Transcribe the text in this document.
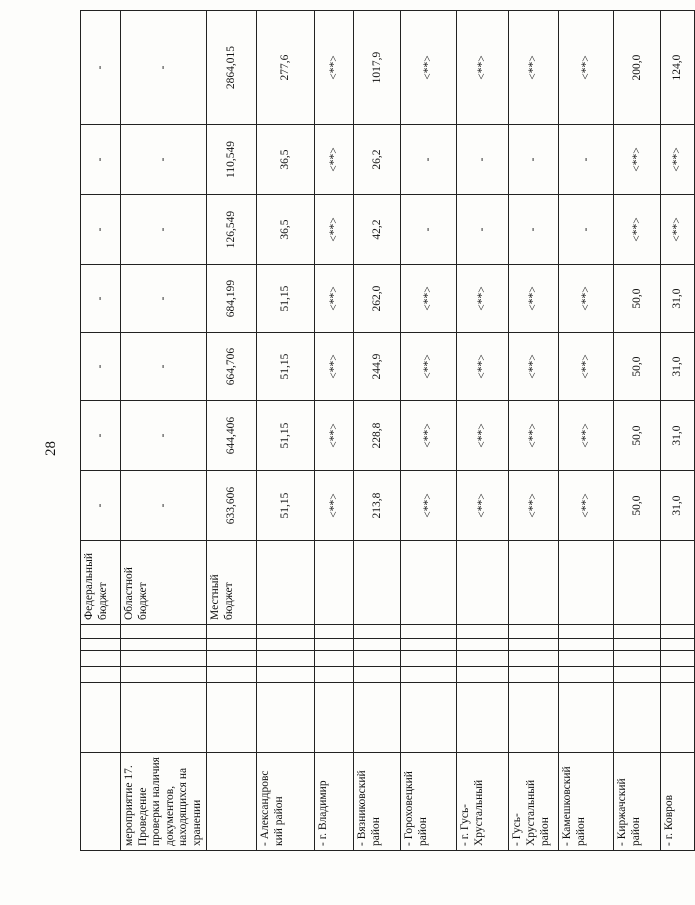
28
						Федеральный бюджет	-	-	-	-	-	-	-
мероприятие 17. Проведение проверки наличия документов, находящихся на хранении						Областной бюджет	-	-	-	-	-	-	-
						Местный бюджет	633,606	644,406	664,706	684,199	126,549	110,549	2864,015
- Александровс кий район							51,15	51,15	51,15	51,15	36,5	36,5	277,6
- г. Владимир							<**>	<**>	<**>	<**>	<**>	<**>	<**>
- Вязниковский район							213,8	228,8	244,9	262,0	42,2	26,2	1017,9
- Гороховецкий район							<**>	<**>	<**>	<**>	-	-	<**>
- г. Гусь-Хрустальный							<**>	<**>	<**>	<**>	-	-	<**>
- Гусь-Хрустальный район							<**>	<**>	<**>	<**>	-	-	<**>
- Камешковский район							<**>	<**>	<**>	<**>	-	-	<**>
- Киржачский район							50,0	50,0	50,0	50,0	<**>	<**>	200,0
- г. Ковров							31,0	31,0	31,0	31,0	<**>	<**>	124,0
